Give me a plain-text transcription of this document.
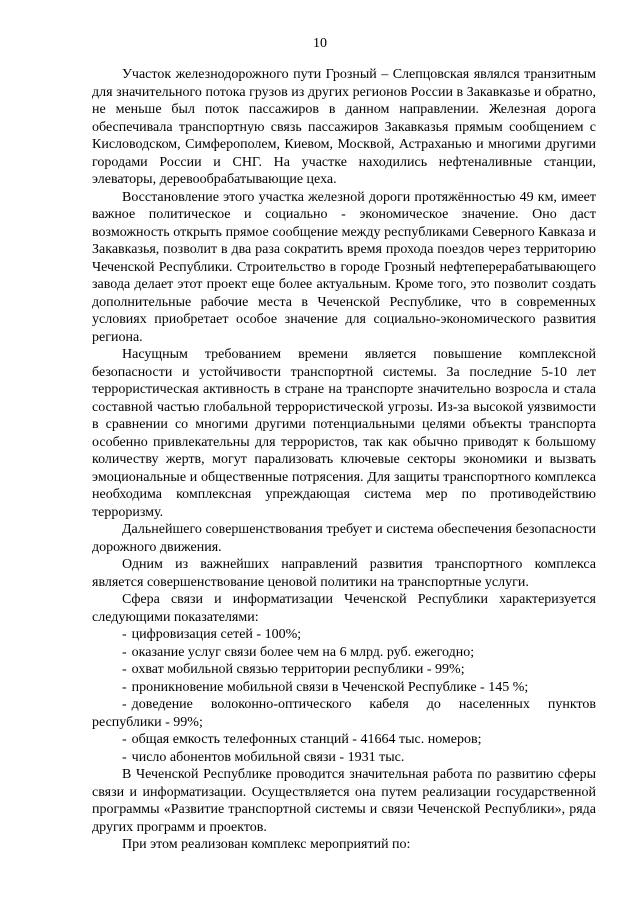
10

Участок железнодорожного пути Грозный – Слепцовская являлся транзитным для значительного потока грузов из других регионов России в Закавказье и обратно, не меньше был поток пассажиров в данном направлении. Железная дорога обеспечивала транспортную связь пассажиров Закавказья прямым сообщением с Кисловодском, Симферополем, Киевом, Москвой, Астраханью и многими другими городами России и СНГ. На участке находились нефтеналивные станции, элеваторы, деревообрабатывающие цеха.

Восстановление этого участка железной дороги протяжённостью 49 км, имеет важное политическое и социально - экономическое значение. Оно даст возможность открыть прямое сообщение между республиками Северного Кавказа и Закавказья, позволит в два раза сократить время прохода поездов через территорию Чеченской Республики. Строительство в городе Грозный нефтеперерабатывающего завода делает этот проект еще более актуальным. Кроме того, это позволит создать дополнительные рабочие места в Чеченской Республике, что в современных условиях приобретает особое значение для социально-экономического развития региона.

Насущным требованием времени является повышение комплексной безопасности и устойчивости транспортной системы. За последние 5-10 лет террористическая активность в стране на транспорте значительно возросла и стала составной частью глобальной террористической угрозы. Из-за высокой уязвимости в сравнении со многими другими потенциальными целями объекты транспорта особенно привлекательны для террористов, так как обычно приводят к большому количеству жертв, могут парализовать ключевые секторы экономики и вызвать эмоциональные и общественные потрясения. Для защиты транспортного комплекса необходима комплексная упреждающая система мер по противодействию терроризму.

Дальнейшего совершенствования требует и система обеспечения безопасности дорожного движения.

Одним из важнейших направлений развития транспортного комплекса является совершенствование ценовой политики на транспортные услуги.

Сфера связи и информатизации Чеченской Республики характеризуется следующими показателями:

- цифровизация сетей - 100%;
- оказание услуг связи более чем на 6 млрд. руб. ежегодно;
- охват мобильной связью территории республики - 99%;
- проникновение мобильной связи в Чеченской Республике - 145 %;
- доведение волоконно-оптического кабеля до населенных пунктов республики - 99%;
- общая емкость телефонных станций - 41664 тыс. номеров;
- число абонентов мобильной связи - 1931 тыс.

В Чеченской Республике проводится значительная работа по развитию сферы связи и информатизации. Осуществляется она путем реализации государственной программы «Развитие транспортной системы и связи Чеченской Республики», ряда других программ и проектов.

При этом реализован комплекс мероприятий по:
